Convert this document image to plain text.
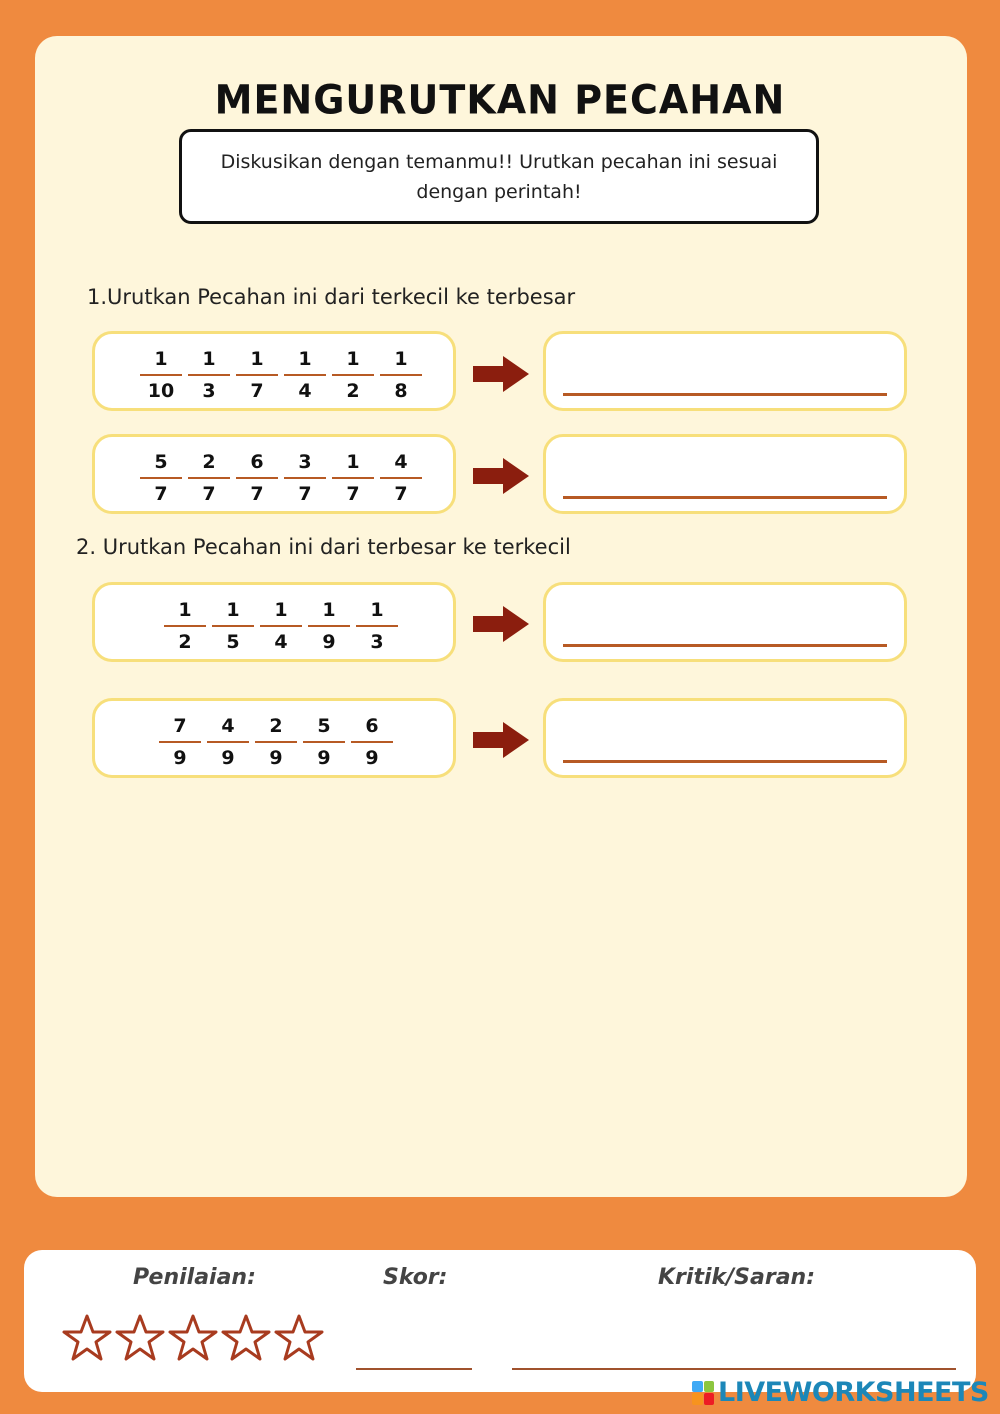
MENGURUTKAN PECAHAN
Diskusikan dengan temanmu!! Urutkan pecahan ini sesuai dengan perintah!
1.Urutkan Pecahan ini dari terkecil ke terbesar
2. Urutkan Pecahan ini dari terbesar ke terkecil
$\frac{1}{10} \frac{1}{3} \frac{1}{7} \frac{1}{4} \frac{1}{2} \frac{1}{8}$
$\frac{5}{7} \frac{2}{7} \frac{6}{7} \frac{3}{7} \frac{1}{7} \frac{4}{7}$
$\frac{1}{2} \frac{1}{5} \frac{1}{4} \frac{1}{9} \frac{1}{3}$
$\frac{7}{9} \frac{4}{9} \frac{2}{9} \frac{5}{9} \frac{6}{9}$
Penilaian:	Skor:	Kritik/Saran:
LIVEWORKSHEETS
